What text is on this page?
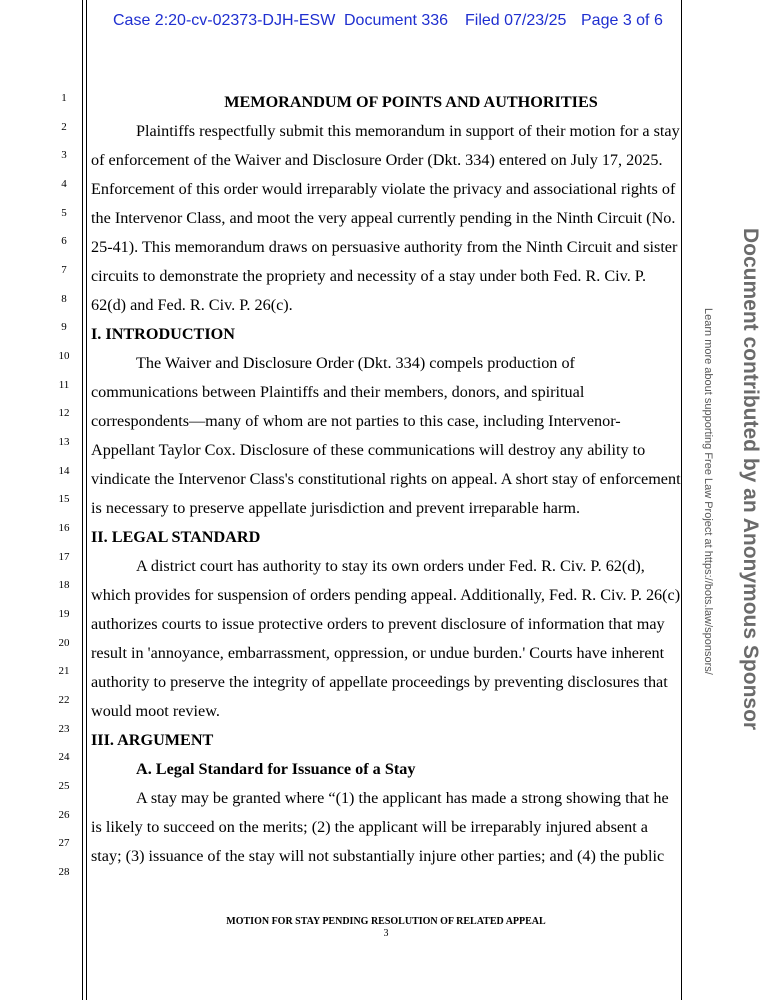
Case 2:20-cv-02373-DJH-ESW Document 336 Filed 07/23/25 Page 3 of 6
1
2
3
4
5
6
7
8
9
10
11
12
13
14
15
16
17
18
19
20
21
22
23
24
25
26
27
28

MEMORANDUM OF POINTS AND AUTHORITIES

Plaintiffs respectfully submit this memorandum in support of their motion for a stay of enforcement of the Waiver and Disclosure Order (Dkt. 334) entered on July 17, 2025. Enforcement of this order would irreparably violate the privacy and associational rights of the Intervenor Class, and moot the very appeal currently pending in the Ninth Circuit (No. 25-41). This memorandum draws on persuasive authority from the Ninth Circuit and sister circuits to demonstrate the propriety and necessity of a stay under both Fed. R. Civ. P. 62(d) and Fed. R. Civ. P. 26(c).

I. INTRODUCTION

The Waiver and Disclosure Order (Dkt. 334) compels production of communications between Plaintiffs and their members, donors, and spiritual correspondents—many of whom are not parties to this case, including Intervenor-Appellant Taylor Cox. Disclosure of these communications will destroy any ability to vindicate the Intervenor Class's constitutional rights on appeal. A short stay of enforcement is necessary to preserve appellate jurisdiction and prevent irreparable harm.

II. LEGAL STANDARD

A district court has authority to stay its own orders under Fed. R. Civ. P. 62(d), which provides for suspension of orders pending appeal. Additionally, Fed. R. Civ. P. 26(c) authorizes courts to issue protective orders to prevent disclosure of information that may result in 'annoyance, embarrassment, oppression, or undue burden.' Courts have inherent authority to preserve the integrity of appellate proceedings by preventing disclosures that would moot review.

III. ARGUMENT

A. Legal Standard for Issuance of a Stay

A stay may be granted where “(1) the applicant has made a strong showing that he is likely to succeed on the merits; (2) the applicant will be irreparably injured absent a stay; (3) issuance of the stay will not substantially injure other parties; and (4) the public

MOTION FOR STAY PENDING RESOLUTION OF RELATED APPEAL
3
Document contributed by an Anonymous Sponsor
Learn more about supporting Free Law Project at https://bots.law/sponsors/
